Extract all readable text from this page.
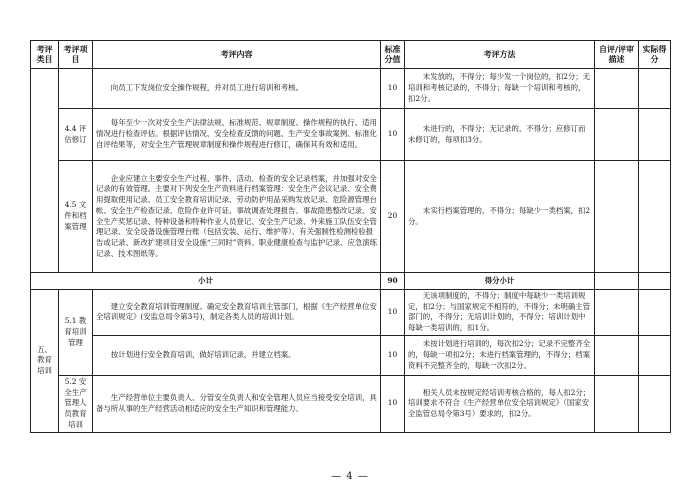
考评类目	考评项目	考评内容	标准分值	考评方法	自评/评审描述	实际得分
		向员工下发岗位安全操作规程，并对员工进行培训和考核。	10	未发放的，不得分；每少发一个岗位的，扣2分；无培训和考核记录的，不得分；每缺一个培训和考核的，扣2分。		
	4.4 评估修订	每年至少一次对安全生产法律法规、标准规范、规章制度、操作规程的执行、适用情况进行检查评估。根据评估情况、安全检查反馈的问题、生产安全事故案例、标准化自评结果等，对安全生产管理规章制度和操作规程进行修订，确保其有效和适用。	10	未进行的，不得分；无记录的，不得分；应修订而未修订的，每项扣3分。		
	4.5 文件和档案管理	企业应建立主要安全生产过程、事件、活动、检查的安全记录档案，并加强对安全记录的有效管理。主要对下列安全生产资料进行档案管理：安全生产会议记录、安全费用提取使用记录、员工安全教育培训记录、劳动防护用品采购发放记录、危险源管理台帐、安全生产检查记录、危险作业许可证、事故调查处理报告、事故隐患整改记录、安全生产奖惩记录、特种设备和特种作业人员登记、安全生产记录、外来施工队伍安全管理记录、安全设备设施管理台账（包括安装、运行、维护等）、有关强制性检测检验报告或记录、新改扩建项目安全设施“三同时”资料、职业健康检查与监护记录、应急演练记录、技术图纸等。	20	未实行档案管理的，不得分；每缺少一类档案，扣2分。		
小计			90	得分小计		
五、教育培训	5.1 教育培训管理	建立安全教育培训管理制度。确定安全教育培训主管部门，根据《生产经营单位安全培训规定》(安监总局令第3号)，制定各类人员的培训计划。	10	无该项制度的，不得分；制度中每缺少一类培训规定，扣2分；与国家规定不相符的，不得分；未明确主管部门的，不得分；无培训计划的，不得分；培训计划中每缺一类培训的，扣1分。		
		按计划进行安全教育培训，做好培训记录，并建立档案。	10	未按计划进行培训的，每次扣2分；记录不完整齐全的，每缺一项扣2分；未进行档案管理的，不得分；档案资料不完整齐全的，每缺一次扣2分。		
	5.2 安全生产管理人员教育培训	生产经营单位主要负责人、分管安全负责人和安全管理人员应当接受安全培训，具备与所从事的生产经营活动相适应的安全生产知识和管理能力。	10	相关人员未按规定经培训考核合格的，每人扣2分；培训要求不符合《生产经营单位安全培训规定》（国家安全监管总局令第3号）要求的，扣2分。		
— 4 —
